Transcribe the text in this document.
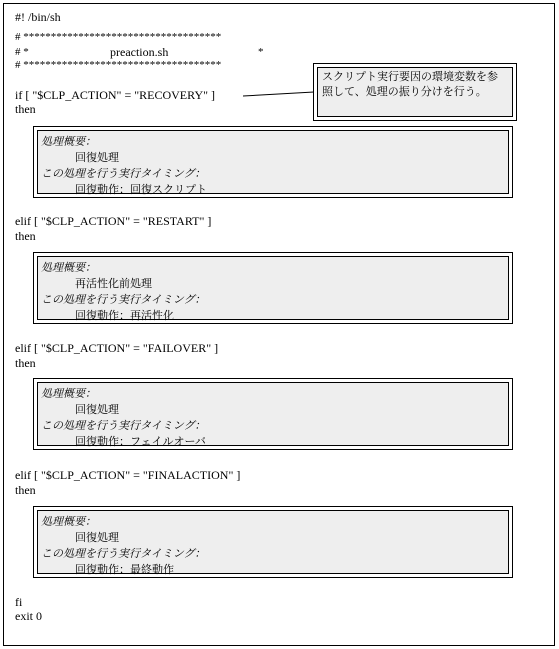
#! /bin/sh
# ************************************
# *	preaction.sh	*
# ************************************
スクリプト実行要因の環境変数を参照して、処理の振り分けを行う。
if [ "$CLP_ACTION" = "RECOVERY" ]
then
処理概要：
回復処理
この処理を行う実行タイミング：
回復動作：回復スクリプト
elif [ "$CLP_ACTION" = "RESTART" ]
then
処理概要：
再活性化前処理
この処理を行う実行タイミング：
回復動作：再活性化
elif [ "$CLP_ACTION" = "FAILOVER" ]
then
処理概要：
回復処理
この処理を行う実行タイミング：
回復動作：フェイルオーバ
elif [ "$CLP_ACTION" = "FINALACTION" ]
then
処理概要：
回復処理
この処理を行う実行タイミング：
回復動作：最終動作
fi
exit 0
